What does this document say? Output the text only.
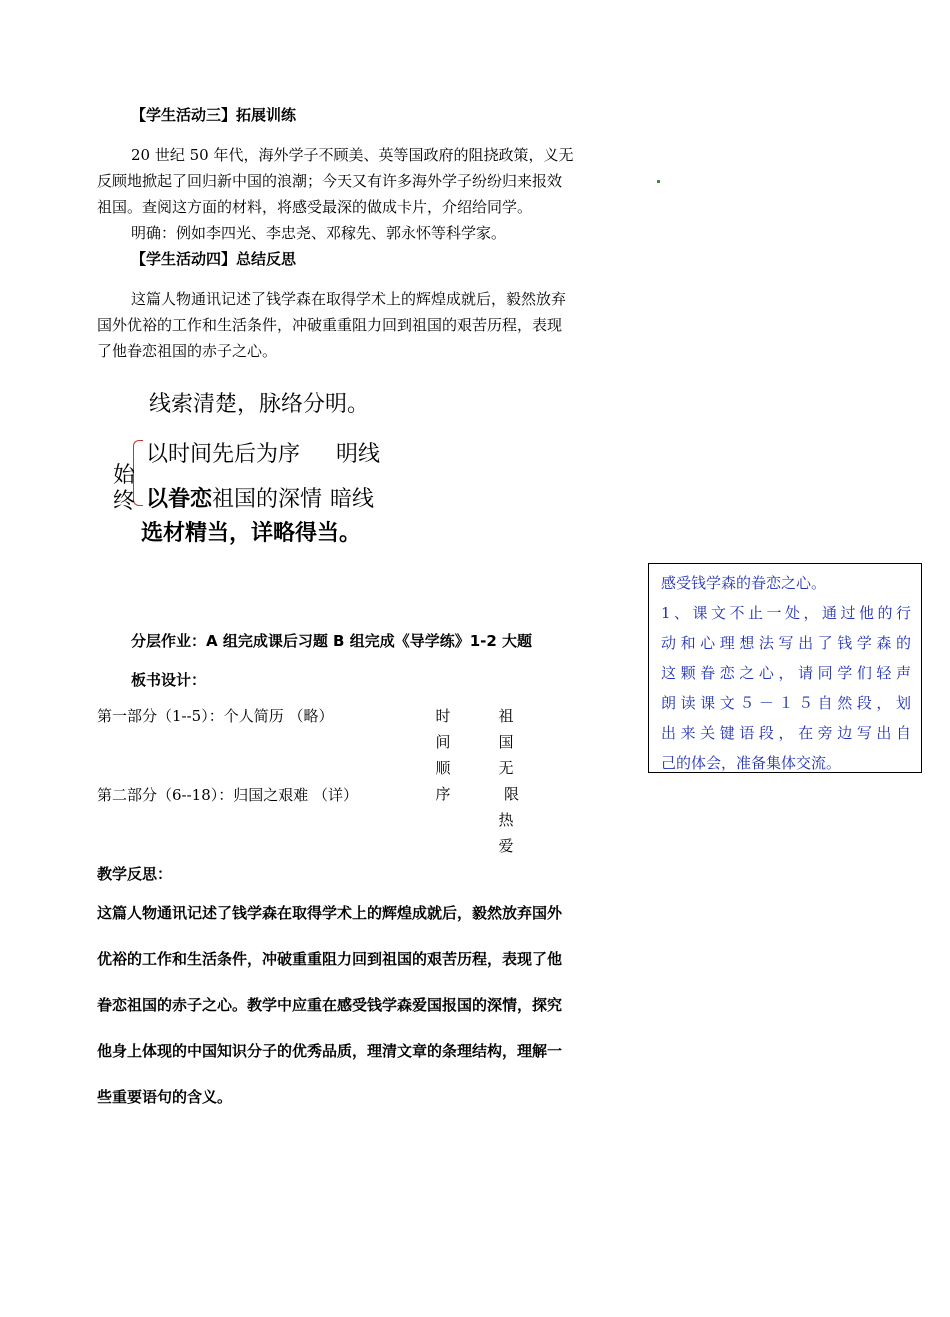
【学生活动三】拓展训练
20 世纪 50 年代，海外学子不顾美、英等国政府的阻挠政策，义无
反顾地掀起了回归新中国的浪潮；今天又有许多海外学子纷纷归来报效
祖国。查阅这方面的材料，将感受最深的做成卡片，介绍给同学。
明确：例如李四光、李忠尧、邓稼先、郭永怀等科学家。
【学生活动四】总结反思
这篇人物通讯记述了钱学森在取得学术上的辉煌成就后，毅然放弃
国外优裕的工作和生活条件，冲破重重阻力回到祖国的艰苦历程，表现
了他眷恋祖国的赤子之心。
线索清楚，脉络分明。
始
终
以时间先后为序 明线
以眷恋祖国的深情 暗线
选材精当，详略得当。
感受钱学森的眷恋之心。
1、课文不止一处，通过他的行
动和心理想法写出了钱学森的
这颗眷恋之心，请同学们轻声
朗读课文５－１５自然段，划
出来关键语段，在旁边写出自
己的体会，准备集体交流。
分层作业：A 组完成课后习题 B 组完成《导学练》1-2 大题
板书设计：
第一部分（1--5）：个人简历 （略）
第二部分（6--18）：归国之艰难 （详）
时
间
顺
序
祖
国
无
限
热
爱
教学反思：
这篇人物通讯记述了钱学森在取得学术上的辉煌成就后，毅然放弃国外
优裕的工作和生活条件，冲破重重阻力回到祖国的艰苦历程，表现了他
眷恋祖国的赤子之心。教学中应重在感受钱学森爱国报国的深情，探究
他身上体现的中国知识分子的优秀品质，理清文章的条理结构，理解一
些重要语句的含义。
